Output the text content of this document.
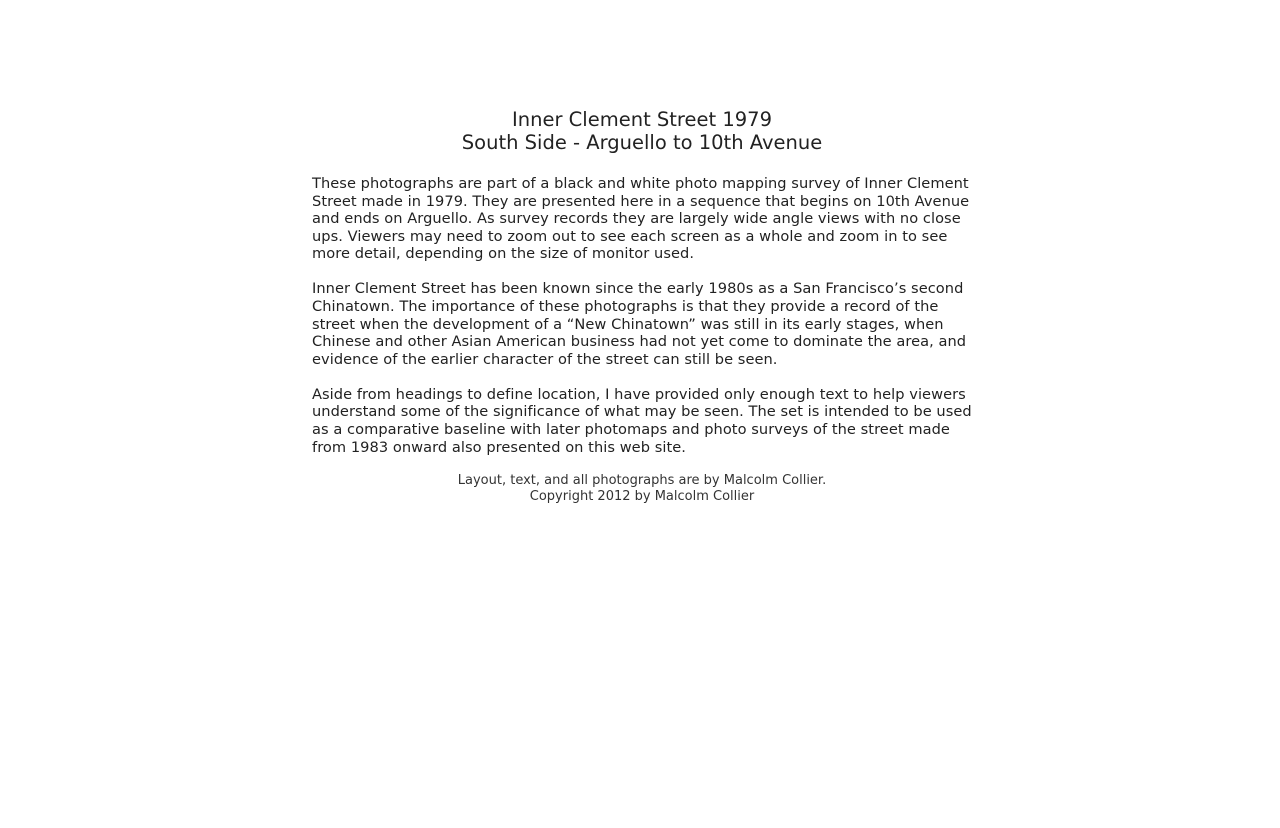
Inner Clement Street 1979
South Side - Arguello to 10th Avenue

These photographs are part of a black and white photo mapping survey of Inner Clement Street made in 1979. They are presented here in a sequence that begins on 10th Avenue and ends on Arguello. As survey records they are largely wide angle views with no close ups. Viewers may need to zoom out to see each screen as a whole and zoom in to see more detail, depending on the size of monitor used.

Inner Clement Street has been known since the early 1980s as a San Francisco’s second Chinatown. The importance of these photographs is that they provide a record of the street when the development of a “New Chinatown” was still in its early stages, when Chinese and other Asian American business had not yet come to dominate the area, and evidence of the earlier character of the street can still be seen.

Aside from headings to define location, I have provided only enough text to help viewers understand some of the significance of what may be seen. The set is intended to be used as a comparative baseline with later photomaps and photo surveys of the street made from 1983 onward also presented on this web site.

Layout, text, and all photographs are by Malcolm Collier.
Copyright 2012 by Malcolm Collier
